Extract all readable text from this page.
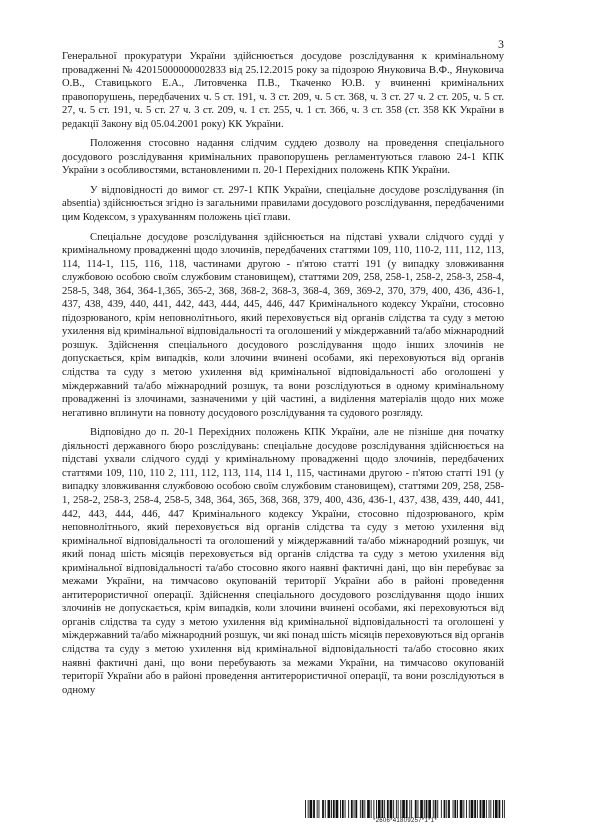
3

Генеральної прокуратури України здійснюється досудове розслідування к кримінальному провадженні № 42015000000002833 від 25.12.2015 року за підозрою Януковича В.Ф., Януковича О.В., Ставицького Е.А., Литовченка П.В., Ткаченко Ю.В. у вчиненні кримінальних правопорушень, передбачених ч. 5 ст. 191, ч. 3 ст. 209, ч. 5 ст. 368, ч. 3 ст. 27 ч. 2 ст. 205, ч. 5 ст. 27, ч. 5 ст. 191, ч. 5 ст. 27 ч. 3 ст. 209, ч. 1 ст. 255, ч. 1 ст. 366, ч. 3 ст. 358 (ст. 358 КК України в редакції Закону від 05.04.2001 року) КК України.

Положення стосовно надання слідчим суддею дозволу на проведення спеціального досудового розслідування кримінальних правопорушень регламентуються главою 24-1 КПК України з особливостями, встановленими п. 20-1 Перехідних положень КПК України.

У відповідності до вимог ст. 297-1 КПК України, спеціальне досудове розслідування (in absentia) здійснюється згідно із загальними правилами досудового розслідування, передбаченими цим Кодексом, з урахуванням положень цієї глави.

Спеціальне досудове розслідування здійснюється на підставі ухвали слідчого судді у кримінальному провадженні щодо злочинів, передбачених статтями 109, 110, 110-2, 111, 112, 113, 114, 114-1, 115, 116, 118, частинами другою - п'ятою статті 191 (у випадку зловживання службовою особою своїм службовим становищем), статтями 209, 258, 258-1, 258-2, 258-3, 258-4, 258-5, 348, 364, 364-1,365, 365-2, 368, 368-2, 368-3, 368-4, 369, 369-2, 370, 379, 400, 436, 436-1, 437, 438, 439, 440, 441, 442, 443, 444, 445, 446, 447 Кримінального кодексу України, стосовно підозрюваного, крім неповнолітнього, який переховується від органів слідства та суду з метою ухилення від кримінальної відповідальності та оголошений у міждержавний та/або міжнародний розшук. Здійснення спеціального досудового розслідування щодо інших злочинів не допускається, крім випадків, коли злочини вчинені особами, які переховуються від органів слідства та суду з метою ухилення від кримінальної відповідальності або оголошені у міждержавний та/або міжнародний розшук, та вони розслідуються в одному кримінальному провадженні із злочинами, зазначеними у цій частині, а виділення матеріалів щодо них може негативно вплинути на повноту досудового розслідування та судового розгляду.

Відповідно до п. 20-1 Перехідних положень КПК України, але не пізніше дня початку діяльності державного бюро розслідувань: спеціальне досудове розслідування здійснюється на підставі ухвали слідчого судді у кримінальному провадженні щодо злочинів, передбачених статтями 109, 110, 110 2, 111, 112, 113, 114, 114 1, 115, частинами другою - п'ятою статті 191 (у випадку зловживання службовою особою своїм службовим становищем), статтями 209, 258, 258-1, 258-2, 258-3, 258-4, 258-5, 348, 364, 365, 368, 368, 379, 400, 436, 436-1, 437, 438, 439, 440, 441, 442, 443, 444, 446, 447 Кримінального кодексу України, стосовно підозрюваного, крім неповнолітнього, який переховується від органів слідства та суду з метою ухилення від кримінальної відповідальності та оголошений у міждержавний та/або міжнародний розшук, чи який понад шість місяців переховується від органів слідства та суду з метою ухилення від кримінальної відповідальності та/або стосовно якого наявні фактичні дані, що він перебуває за межами України, на тимчасово окупованій території України або в районі проведення антитерористичної операції. Здійснення спеціального досудового розслідування щодо інших злочинів не допускається, крім випадків, коли злочини вчинені особами, які переховуються від органів слідства та суду з метою ухилення від кримінальної відповідальності та оголошені у міждержавний та/або міжнародний розшук, чи які понад шість місяців переховуються від органів слідства та суду з метою ухилення від кримінальної відповідальності та/або стосовно яких наявні фактичні дані, що вони перебувають за межами України, на тимчасово окупованій території України або в районі проведення антитерористичної операції, та вони розслідуються в одному

*2606*41809257*1*1*
